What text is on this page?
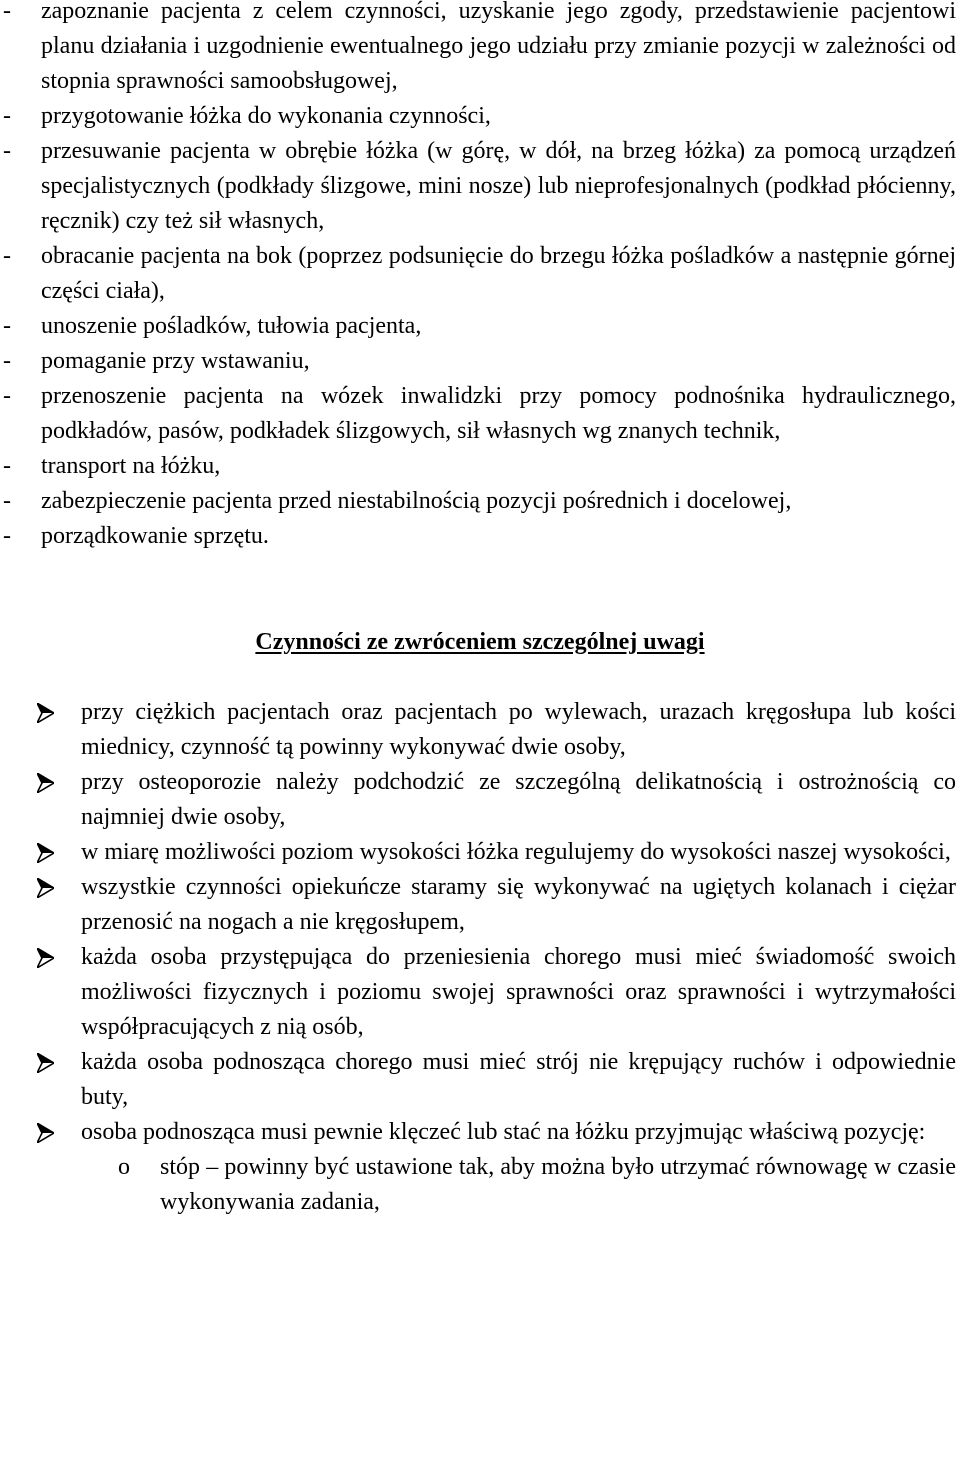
-	zapoznanie pacjenta z celem czynności, uzyskanie jego zgody, przedstawienie pacjentowi planu działania i uzgodnienie ewentualnego jego udziału przy zmianie pozycji w zależności od stopnia sprawności samoobsługowej,
-	przygotowanie łóżka do wykonania czynności,
-	przesuwanie pacjenta w obrębie łóżka (w górę, w dół, na brzeg łóżka) za pomocą urządzeń specjalistycznych (podkłady ślizgowe, mini nosze) lub nieprofesjonalnych (podkład płócienny, ręcznik) czy też sił własnych,
-	obracanie pacjenta na bok (poprzez podsunięcie do brzegu łóżka pośladków a następnie górnej części ciała),
-	unoszenie pośladków, tułowia pacjenta,
-	pomaganie przy wstawaniu,
-	przenoszenie pacjenta na wózek inwalidzki przy pomocy podnośnika hydraulicznego, podkładów, pasów, podkładek ślizgowych, sił własnych wg znanych technik,
-	transport na łóżku,
-	zabezpieczenie pacjenta przed niestabilnością pozycji pośrednich i docelowej,
-	porządkowanie sprzętu.
Czynności ze zwróceniem szczególnej uwagi
przy ciężkich pacjentach oraz pacjentach po wylewach, urazach kręgosłupa lub kości miednicy, czynność tą powinny wykonywać dwie osoby,
przy osteoporozie należy podchodzić ze szczególną delikatnością i ostrożnością co najmniej dwie osoby,
w miarę możliwości poziom wysokości łóżka regulujemy do wysokości naszej wysokości,
wszystkie czynności opiekuńcze staramy się wykonywać na ugiętych kolanach i ciężar przenosić na nogach a nie kręgosłupem,
każda osoba przystępująca do przeniesienia chorego musi mieć świadomość swoich możliwości fizycznych i poziomu swojej sprawności oraz sprawności i wytrzymałości współpracujących z nią osób,
każda osoba podnosząca chorego musi mieć strój nie krępujący ruchów i odpowiednie buty,
osoba podnosząca musi pewnie klęczeć lub stać na łóżku przyjmując właściwą pozycję:
o	stóp – powinny być ustawione tak, aby można było utrzymać równowagę w czasie wykonywania zadania,
